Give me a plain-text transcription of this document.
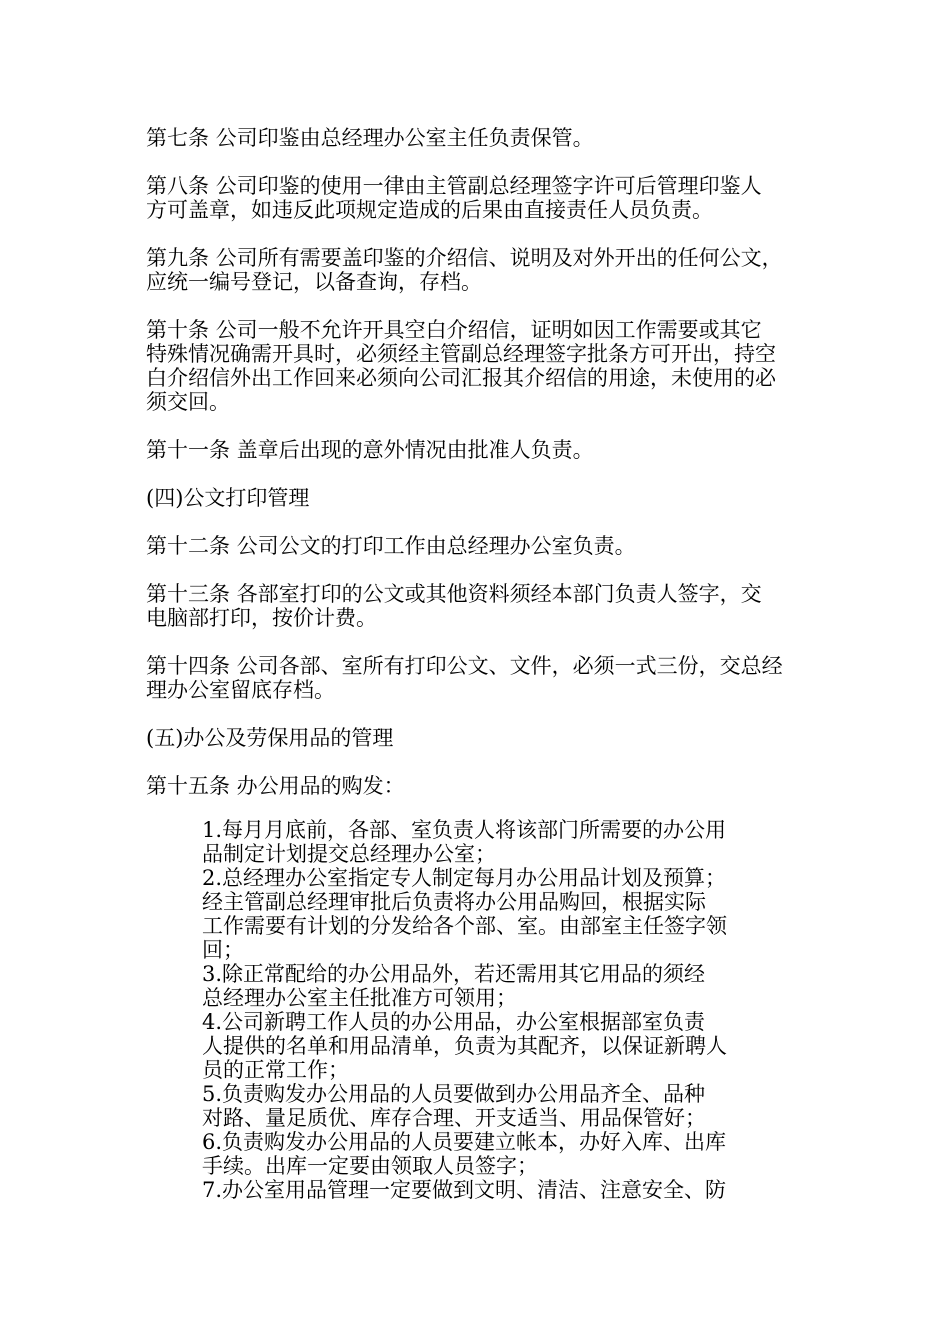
第七条 公司印鉴由总经理办公室主任负责保管。
第八条 公司印鉴的使用一律由主管副总经理签字许可后管理印鉴人
方可盖章，如违反此项规定造成的后果由直接责任人员负责。
第九条 公司所有需要盖印鉴的介绍信、说明及对外开出的任何公文，
应统一编号登记，以备查询，存档。
第十条 公司一般不允许开具空白介绍信，证明如因工作需要或其它
特殊情况确需开具时，必须经主管副总经理签字批条方可开出，持空
白介绍信外出工作回来必须向公司汇报其介绍信的用途，未使用的必
须交回。
第十一条 盖章后出现的意外情况由批准人负责。
(四)公文打印管理
第十二条 公司公文的打印工作由总经理办公室负责。
第十三条 各部室打印的公文或其他资料须经本部门负责人签字，交
电脑部打印，按价计费。
第十四条 公司各部、室所有打印公文、文件，必须一式三份，交总经
理办公室留底存档。
(五)办公及劳保用品的管理
第十五条 办公用品的购发：
1.每月月底前，各部、室负责人将该部门所需要的办公用
品制定计划提交总经理办公室；
2.总经理办公室指定专人制定每月办公用品计划及预算；
经主管副总经理审批后负责将办公用品购回，根据实际
工作需要有计划的分发给各个部、室。由部室主任签字领
回；
3.除正常配给的办公用品外，若还需用其它用品的须经
总经理办公室主任批准方可领用；
4.公司新聘工作人员的办公用品，办公室根据部室负责
人提供的名单和用品清单，负责为其配齐，以保证新聘人
员的正常工作；
5.负责购发办公用品的人员要做到办公用品齐全、品种
对路、量足质优、库存合理、开支适当、用品保管好；
6.负责购发办公用品的人员要建立帐本，办好入库、出库
手续。出库一定要由领取人员签字；
7.办公室用品管理一定要做到文明、清洁、注意安全、防
